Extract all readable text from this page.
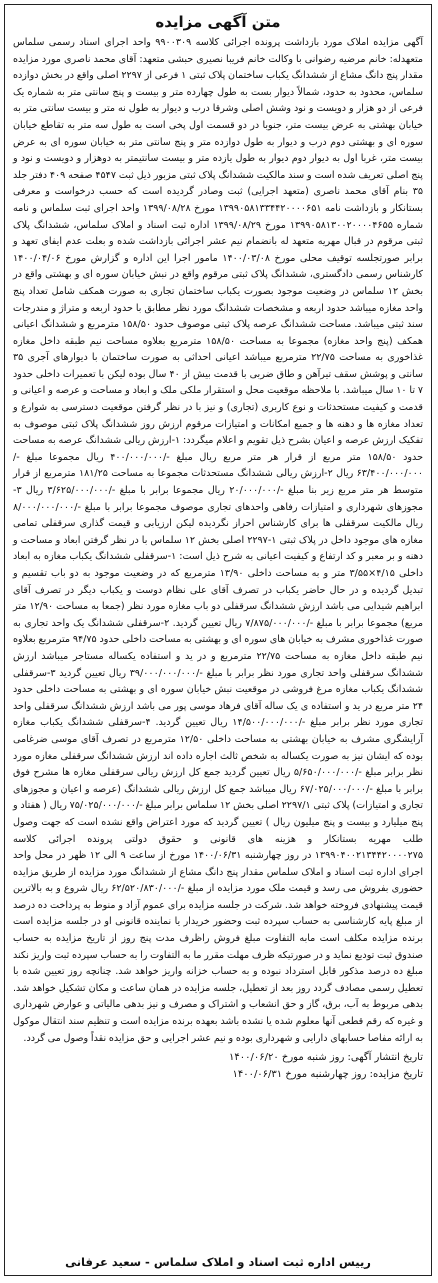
متن آگهی مزایده

آگهی مزایده املاک مورد بازداشت پرونده اجرائی کلاسه ۹۹۰۰۳۰۹ واحد اجرای اسناد رسمی سلماس متعهدله: خانم مرضیه رضوانی با وکالت خانم فریبا نصیری حبشی متعهد: آقای محمد ناصری مورد مزایده مقدار پنج دانگ مشاع از ششدانگ یکباب ساختمان پلاک ثبتی ۱ فرعی از ۲۲۹۷ اصلی واقع در بخش دوازده سلماس، محدود به حدود، شمالاً دیوار بست به طول چهارده متر و بیست و پنج سانتی متر به شماره یک فرعی از دو هزار و دویست و نود وشش اصلی وشرقا درب و دیوار به طول نه متر و بیست سانتی متر به خیابان بهشتی به عرض بیست متر، جنوبا در دو قسمت اول پخی است به طول سه متر به تقاطع خیابان سوره ای و بهشتی دوم درب و دیوار به طول دوازده متر و پنج سانتی متر به خیابان سوره ای به عرض بیست متر، غربا اول به دیوار دوم دیوار به طول یازده متر و بیست سانتیمتر به دوهزار و دویست و نود و پنج اصلی تعریف شده است و سند مالکیت ششدانگ پلاک ثبتی مزبور ذیل ثبت ۴۵۴۷ صفحه ۴۰۹ دفتر جلد ۳۵ بنام آقای محمد ناصری (متعهد اجرایی) ثبت وصادر گردیده است که حسب درخواست و معرفی بستانکار و بازداشت نامه ۱۳۹۹۰۵۸۱۳۳۴۴۲۰۰۰۰۶۵۱ مورخ ۱۳۹۹/۰۸/۲۸ واحد اجرای ثبت سلماس و نامه شماره ۱۳۹۹۰۵۸۱۳۰۰۲۰۰۰۰۴۶۵۵ مورخ ۱۳۹۹/۰۸/۲۹ اداره ثبت اسناد و املاک سلماس، ششدانگ پلاک ثبتی مرقوم در قبال مهریه متعهد له بانضمام نیم عشر اجرائی بازداشت شده و بعلت عدم ایفای تعهد و برابر صورتجلسه توقیف محلی مورخ ۱۴۰۰/۰۳/۰۸ مامور اجرا این اداره و گزارش مورخ ۱۴۰۰/۰۴/۰۶ کارشناس رسمی دادگستری، ششدانگ پلاک ثبتی مرقوم واقع در نبش خیابان سوره ای و بهشتی واقع در بخش ۱۲ سلماس در وضعیت موجود بصورت یکباب ساختمان تجاری به صورت همکف شامل تعداد پنج واحد مغازه میباشد حدود اربعه و مشخصات ششدانگ مورد نظر مطابق با حدود اربعه و متراژ و مندرجات سند ثبتی میباشد. مساحت ششدانگ عرصه پلاک ثبتی موصوف حدود ۱۵۸/۵۰ مترمربع و ششدانگ اعیانی همکف (پنج واحد مغازه) مجموعا به مساحت ۱۵۸/۵۰ مترمربع بعلاوه مساحت نیم طبقه داخل مغازه غذاخوری به مساحت ۲۲/۷۵ مترمربع میباشد اعیانی احداثی به صورت ساختمان با دیوارهای آجری ۳۵ سانتی و پوشش سقف تیرآهن و طاق ضربی با قدمت بیش از ۴۰ سال بوده لیکن با تعمیرات داخلی حدود ۷ تا ۱۰ سال میباشد. با ملاحظه موقعیت محل و استقرار ملکی ملک و ابعاد و مساحت و عرصه و اعیانی و قدمت و کیفیت مستحدثات و نوع کاربری (تجاری) و نیز با در نظر گرفتن موقعیت دسترسی به شوارع و تعداد مغازه ها و دهنه ها و جمیع امکانات و امتیازات مرقوم ارزش روز ششدانگ پلاک ثبتی موصوف به تفکیک ارزش عرصه و اعیان بشرح ذیل تقویم و اعلام میگردد: ۱-ارزش ریالی ششدانگ عرصه به مساحت حدود ۱۵۸/۵۰ متر مربع از قرار هر متر مربع ریال مبلغ -/۴۰۰/۰۰۰/۰۰۰ ریال مجموعا مبلغ -/۶۳/۴۰۰/۰۰۰/۰۰۰ ریال ۲-ارزش ریالی ششدانگ مستحدثات مجموعا به مساحت ۱۸۱/۲۵ مترمربع از قرار متوسط هر متر مربع زیر بنا مبلغ -/۲۰/۰۰۰/۰۰۰ ریال مجموعا برابر با مبلغ -/۳/۶۲۵/۰۰۰/۰۰۰ ریال ۳-مجوزهای شهرداری و امتیازات رفاهی واحدهای تجاری موصوف مجموعا برابر با مبلغ -/۸/۰۰۰/۰۰۰/۰۰۰ ریال مالکیت سرقفلی ها برای کارشناس احراز نگردیده لیکن ارزیابی و قیمت گذاری سرقفلی تمامی مغازه های موجود داخل در پلاک ثبتی ۱-۲۲۹۷ اصلی بخش ۱۲ سلماس با در نظر گرفتن ابعاد و مساحت و دهنه و بر معبر و کد ارتفاع و کیفیت اعیانی به شرح ذیل است: ۱-سرقفلی ششدانگ یکباب مغازه به ابعاد داخلی ۴/۱۵×۳/۵۵ متر و به مساحت داخلی ۱۳/۹۰ مترمربع که در وضعیت موجود به دو باب تقسیم و تبدیل گردیده و در حال حاضر یکباب در تصرف آقای علی نظام دوست و یکباب دیگر در تصرف آقای ابراهیم شیدایی می باشد ارزش ششدانگ سرقفلی دو باب مغازه مورد نظر (جمعا به مساحت ۱۲/۹۰ متر مربع) مجموعا برابر با مبلغ -/۷/۸۷۵/۰۰۰/۰۰۰ ریال تعیین گردید. ۲-سرقفلی ششدانگ یک واحد تجاری به صورت غذاخوری مشرف به خیابان های سوره ای و بهشتی به مساحت داخلی حدود ۹۴/۷۵ مترمربع بعلاوه نیم طبقه داخل مغازه به مساحت ۲۲/۷۵ مترمربع و در ید و استفاده یکساله مستاجر میباشد ارزش ششدانگ سرقفلی واحد تجاری مورد نظر برابر با مبلغ -/۳۹/۰۰۰/۰۰۰/۰۰۰ ریال تعیین گردید ۳-سرقفلی ششدانگ یکباب مغازه مرغ فروشی در موقعیت نبش خیابان سوره ای و بهشتی به مساحت داخلی حدود ۲۴ متر مربع در ید و استفاده ی یک ساله آقای فرهاد موسی پور می باشد ارزش ششدانگ سرقفلی واحد تجاری مورد نظر برابر مبلغ -/۱۴/۵۰۰/۰۰۰/۰۰۰ ریال تعیین گردید. ۴-سرقفلی ششدانگ یکباب مغازه آرایشگری مشرف به خیابان بهشتی به مساحت داخلی ۱۲/۵۰ مترمربع در تصرف آقای موسی ضرغامی بوده که ایشان نیز به صورت یکساله به شخص ثالث اجاره داده اند ارزش ششدانگ سرقفلی مغازه مورد نظر برابر مبلغ -/۵/۶۵۰/۰۰۰/۰۰۰ ریال تعیین گردید جمع کل ارزش ریالی سرقفلی مغازه ها مشرح فوق برابر با مبلغ -/۶۷/۰۲۵/۰۰۰/۰۰۰ ریال میباشد جمع کل ارزش ریالی ششدانگ (عرصه و اعیان و مجوزهای تجاری و امتیازات) پلاک ثبتی ۲۲۹۷/۱ اصلی بخش ۱۲ سلماس برابر مبلغ -/۷۵/۰۲۵/۰۰۰/۰۰۰ ریال ( هفتاد و پنج میلیارد و بیست و پنج میلیون ریال ) تعیین گردید که مورد اعتراض واقع نشده است که جهت وصول طلب مهریه بستانکار و هزینه های قانونی و حقوق دولتی پرونده اجرائی کلاسه ۱۳۹۹۰۴۰۰۲۱۳۴۴۲۰۰۰۰۲۷۵ در روز چهارشنبه ۱۴۰۰/۰۶/۳۱ مورخ از ساعت ۹ الی ۱۲ ظهر در محل واحد اجرای اداره ثبت اسناد و املاک سلماس مقدار پنج دانگ مشاع از ششدانگ مورد مزایده از طریق مزایده حضوری بفروش می رسد و قیمت ملک مورد مزایده از مبلغ -/۶۲/۵۲۰/۸۳۰/۰۰۰ ریال شروع و به بالاترین قیمت پیشنهادی فروخته خواهد شد. شرکت در جلسه مزایده برای عموم آزاد و منوط به پرداخت ده درصد از مبلغ پایه کارشناسی به حساب سپرده ثبت وحضور خریدار یا نماینده قانونی او در جلسه مزایده است برنده مزایده مکلف است مابه التفاوت مبلغ فروش راظرف مدت پنج روز از تاریخ مزایده به حساب صندوق ثبت تودیع نماید و در صورتیکه ظرف مهلت مقرر ما به التفاوت را به حساب سپرده ثبت واریز نکند مبلغ ده درصد مذکور قابل استرداد نبوده و به حساب خزانه واریز خواهد شد. چنانچه روز تعیین شده با تعطیل رسمی مصادف گردد روز بعد از تعطیل، جلسه مزایده در همان ساعت و مکان تشکیل خواهد شد. بدهی مربوط به آب، برق، گاز و حق انشعاب و اشتراک و مصرف و نیز بدهی مالیاتی و عوارض شهرداری و غیره که رقم قطعی آنها معلوم شده یا نشده باشد بعهده برنده مزایده است و تنظیم سند انتقال موکول به ارائه مفاصا حسابهای دارایی و شهرداری بوده و نیم عشر اجرایی و حق مزایده نقداً وصول می گردد.

تاریخ انتشار آگهی: روز شنبه مورخ ۱۴۰۰/۰۶/۲۰
تاریخ مزایده: روز چهارشنبه مورخ ۱۴۰۰/۰۶/۳۱
رییس اداره ثبت اسناد و املاک سلماس - سعید عرفانی
